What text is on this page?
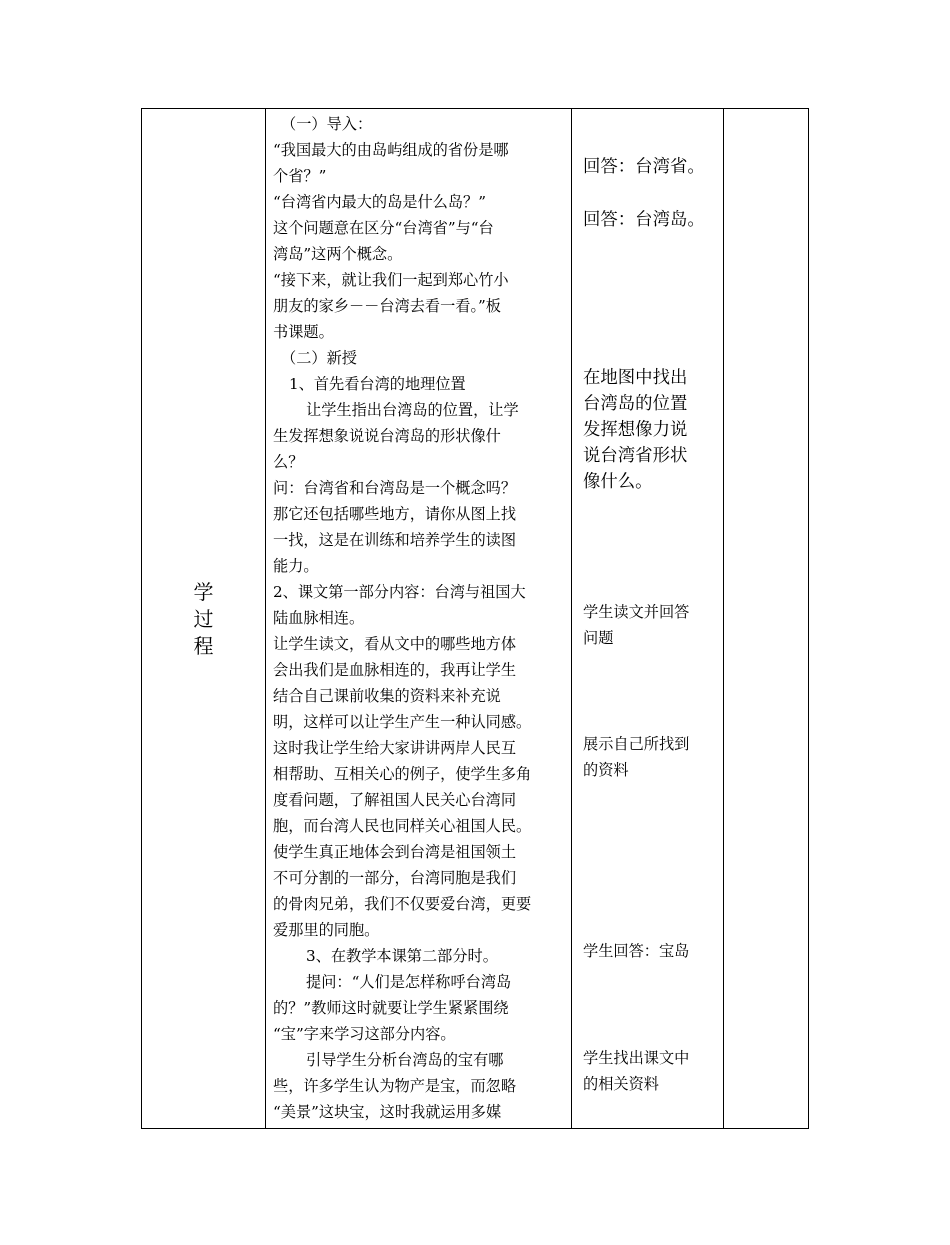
学
过
程

（一）导入：

“我国最大的由岛屿组成的省份是哪

个省？”

“台湾省内最大的岛是什么岛？”

这个问题意在区分“台湾省”与“台

湾岛”这两个概念。

“接下来，就让我们一起到郑心竹小

朋友的家乡－－台湾去看一看。”板

书课题。

（二）新授

1、首先看台湾的地理位置

让学生指出台湾岛的位置，让学

生发挥想象说说台湾岛的形状像什

么？

问：台湾省和台湾岛是一个概念吗？

那它还包括哪些地方，请你从图上找

一找，这是在训练和培养学生的读图

能力。

2、课文第一部分内容：台湾与祖国大

陆血脉相连。

让学生读文，看从文中的哪些地方体

会出我们是血脉相连的，我再让学生

结合自己课前收集的资料来补充说

明，这样可以让学生产生一种认同感。

这时我让学生给大家讲讲两岸人民互

相帮助、互相关心的例子，使学生多角

度看问题，了解祖国人民关心台湾同

胞，而台湾人民也同样关心祖国人民。

使学生真正地体会到台湾是祖国领土

不可分割的一部分，台湾同胞是我们

的骨肉兄弟，我们不仅要爱台湾，更要

爱那里的同胞。

3、在教学本课第二部分时。

提问：“人们是怎样称呼台湾岛

的？”教师这时就要让学生紧紧围绕

“宝”字来学习这部分内容。

引导学生分析台湾岛的宝有哪

些，许多学生认为物产是宝，而忽略

“美景”这块宝，这时我就运用多媒

回答：台湾省。

回答：台湾岛。

在地图中找出

台湾岛的位置

发挥想像力说

说台湾省形状

像什么。

学生读文并回答

问题

展示自己所找到

的资料

学生回答：宝岛

学生找出课文中

的相关资料
